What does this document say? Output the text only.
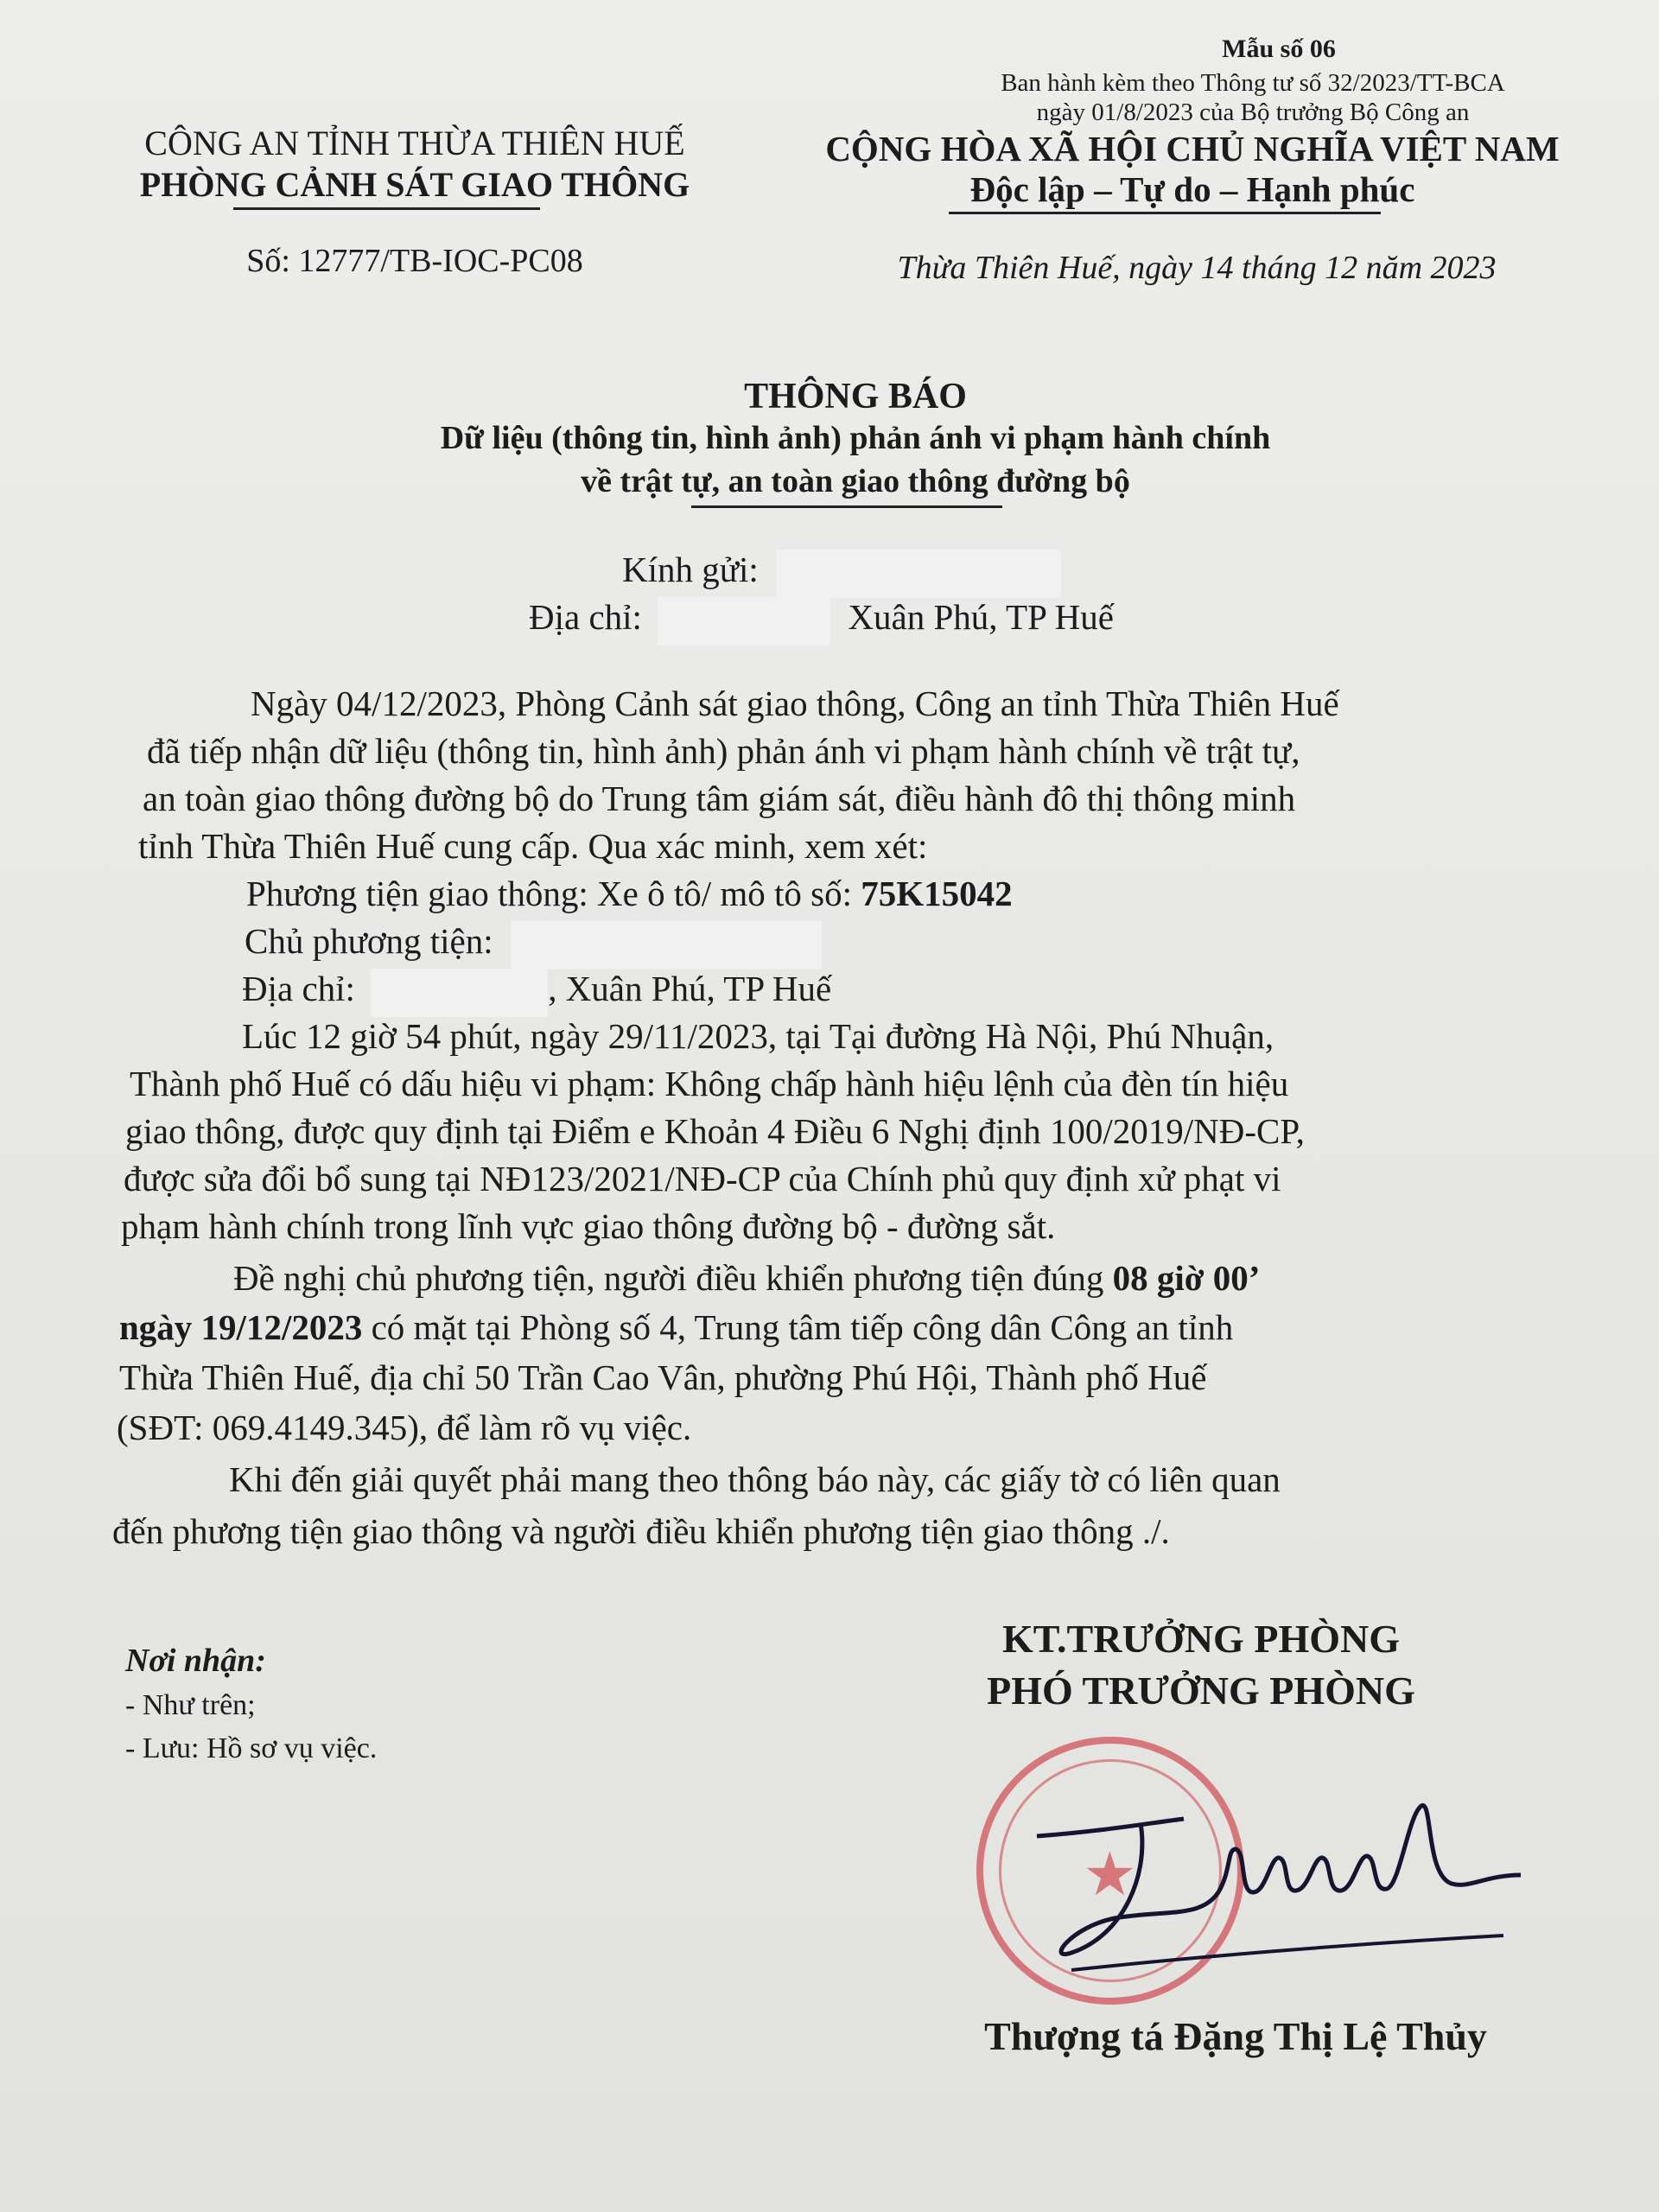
Mẫu số 06
Ban hành kèm theo Thông tư số 32/2023/TT-BCA
ngày 01/8/2023 của Bộ trưởng Bộ Công an
CÔNG AN TỈNH THỪA THIÊN HUẾ
PHÒNG CẢNH SÁT GIAO THÔNG
CỘNG HÒA XÃ HỘI CHỦ NGHĨA VIỆT NAM
Độc lập – Tự do – Hạnh phúc
Số: 12777/TB-IOC-PC08	Thừa Thiên Huế, ngày 14 tháng 12 năm 2023
THÔNG BÁO
Dữ liệu (thông tin, hình ảnh) phản ánh vi phạm hành chính
về trật tự, an toàn giao thông đường bộ
Kính gửi:
Địa chỉ:	Xuân Phú, TP Huế
Ngày 04/12/2023, Phòng Cảnh sát giao thông, Công an tỉnh Thừa Thiên Huế
đã tiếp nhận dữ liệu (thông tin, hình ảnh) phản ánh vi phạm hành chính về trật tự,
an toàn giao thông đường bộ do Trung tâm giám sát, điều hành đô thị thông minh
tỉnh Thừa Thiên Huế cung cấp. Qua xác minh, xem xét:
Phương tiện giao thông: Xe ô tô/ mô tô số: 75K15042
Chủ phương tiện:
Địa chỉ:	, Xuân Phú, TP Huế
Lúc 12 giờ 54 phút, ngày 29/11/2023, tại Tại đường Hà Nội, Phú Nhuận,
Thành phố Huế có dấu hiệu vi phạm: Không chấp hành hiệu lệnh của đèn tín hiệu
giao thông, được quy định tại Điểm e Khoản 4 Điều 6 Nghị định 100/2019/NĐ-CP,
được sửa đổi bổ sung tại NĐ123/2021/NĐ-CP của Chính phủ quy định xử phạt vi
phạm hành chính trong lĩnh vực giao thông đường bộ - đường sắt.
Đề nghị chủ phương tiện, người điều khiển phương tiện đúng 08 giờ 00’
ngày 19/12/2023 có mặt tại Phòng số 4, Trung tâm tiếp công dân Công an tỉnh
Thừa Thiên Huế, địa chỉ 50 Trần Cao Vân, phường Phú Hội, Thành phố Huế
(SĐT: 069.4149.345), để làm rõ vụ việc.
Khi đến giải quyết phải mang theo thông báo này, các giấy tờ có liên quan
đến phương tiện giao thông và người điều khiển phương tiện giao thông ./.
Nơi nhận:
- Như trên;
- Lưu: Hồ sơ vụ việc.
KT.TRƯỞNG PHÒNG
PHÓ TRƯỞNG PHÒNG
★
Thượng tá Đặng Thị Lệ Thủy
